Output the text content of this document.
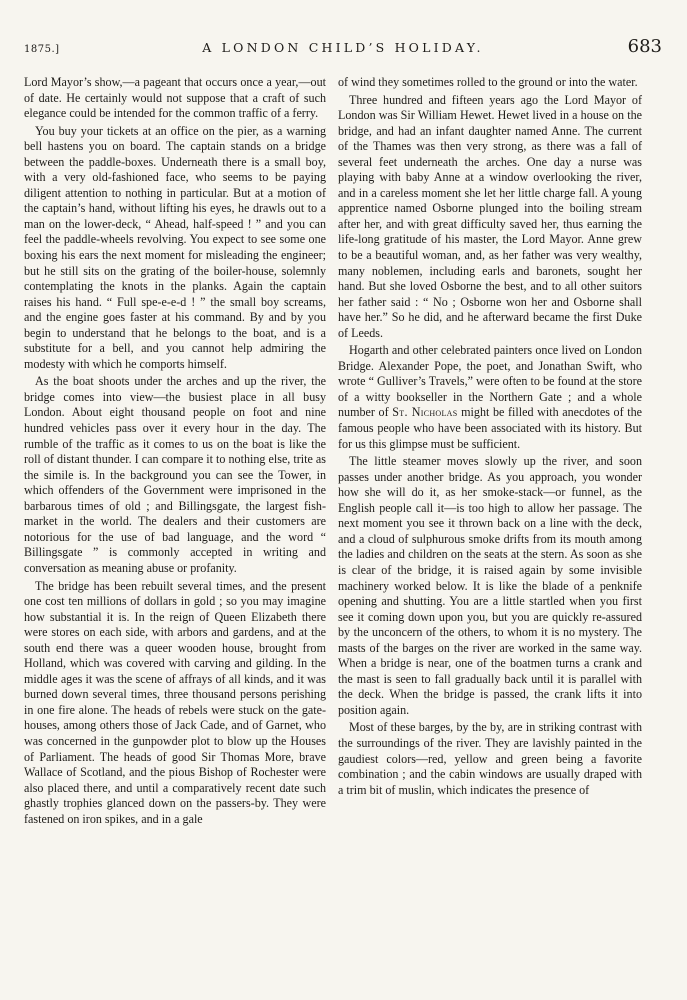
1875.]	A LONDON CHILD’S HOLIDAY.	683

Lord Mayor’s show,—a pageant that occurs once a year,—out of date. He certainly would not suppose that a craft of such elegance could be intended for the common traffic of a ferry.

You buy your tickets at an office on the pier, as a warning bell hastens you on board. The captain stands on a bridge between the paddle-boxes. Underneath there is a small boy, with a very old-fashioned face, who seems to be paying diligent attention to nothing in particular. But at a motion of the captain’s hand, without lifting his eyes, he drawls out to a man on the lower-deck, “ Ahead, half-speed ! ” and you can feel the paddle-wheels revolving. You expect to see some one boxing his ears the next moment for misleading the engineer; but he still sits on the grating of the boiler-house, solemnly contemplating the knots in the planks. Again the captain raises his hand. “ Full spe-e-e-d ! ” the small boy screams, and the engine goes faster at his command. By and by you begin to understand that he belongs to the boat, and is a substitute for a bell, and you cannot help admiring the modesty with which he comports himself.

As the boat shoots under the arches and up the river, the bridge comes into view—the busiest place in all busy London. About eight thousand people on foot and nine hundred vehicles pass over it every hour in the day. The rumble of the traffic as it comes to us on the boat is like the roll of distant thunder. I can compare it to nothing else, trite as the simile is. In the background you can see the Tower, in which offenders of the Government were imprisoned in the barbarous times of old ; and Billingsgate, the largest fish-market in the world. The dealers and their customers are notorious for the use of bad language, and the word “ Billingsgate ” is commonly accepted in writing and conversation as meaning abuse or profanity.

The bridge has been rebuilt several times, and the present one cost ten millions of dollars in gold ; so you may imagine how substantial it is. In the reign of Queen Elizabeth there were stores on each side, with arbors and gardens, and at the south end there was a queer wooden house, brought from Holland, which was covered with carving and gilding. In the middle ages it was the scene of affrays of all kinds, and it was burned down several times, three thousand persons perishing in one fire alone. The heads of rebels were stuck on the gate-houses, among others those of Jack Cade, and of Garnet, who was concerned in the gunpowder plot to blow up the Houses of Parliament. The heads of good Sir Thomas More, brave Wallace of Scotland, and the pious Bishop of Rochester were also placed there, and until a comparatively recent date such ghastly trophies glanced down on the passers-by. They were fastened on iron spikes, and in a gale

of wind they sometimes rolled to the ground or into the water.

Three hundred and fifteen years ago the Lord Mayor of London was Sir William Hewet. Hewet lived in a house on the bridge, and had an infant daughter named Anne. The current of the Thames was then very strong, as there was a fall of several feet underneath the arches. One day a nurse was playing with baby Anne at a window overlooking the river, and in a careless moment she let her little charge fall. A young apprentice named Osborne plunged into the boiling stream after her, and with great difficulty saved her, thus earning the life-long gratitude of his master, the Lord Mayor. Anne grew to be a beautiful woman, and, as her father was very wealthy, many noblemen, including earls and baronets, sought her hand. But she loved Osborne the best, and to all other suitors her father said : “ No ; Osborne won her and Osborne shall have her.” So he did, and he afterward became the first Duke of Leeds.

Hogarth and other celebrated painters once lived on London Bridge. Alexander Pope, the poet, and Jonathan Swift, who wrote “ Gulliver’s Travels,” were often to be found at the store of a witty bookseller in the Northern Gate ; and a whole number of St. Nicholas might be filled with anecdotes of the famous people who have been associated with its history. But for us this glimpse must be sufficient.

The little steamer moves slowly up the river, and soon passes under another bridge. As you approach, you wonder how she will do it, as her smoke-stack—or funnel, as the English people call it—is too high to allow her passage. The next moment you see it thrown back on a line with the deck, and a cloud of sulphurous smoke drifts from its mouth among the ladies and children on the seats at the stern. As soon as she is clear of the bridge, it is raised again by some invisible machinery worked below. It is like the blade of a penknife opening and shutting. You are a little startled when you first see it coming down upon you, but you are quickly re-assured by the unconcern of the others, to whom it is no mystery. The masts of the barges on the river are worked in the same way. When a bridge is near, one of the boatmen turns a crank and the mast is seen to fall gradually back until it is parallel with the deck. When the bridge is passed, the crank lifts it into position again.

Most of these barges, by the by, are in striking contrast with the surroundings of the river. They are lavishly painted in the gaudiest colors—red, yellow and green being a favorite combination ; and the cabin windows are usually draped with a trim bit of muslin, which indicates the presence of
